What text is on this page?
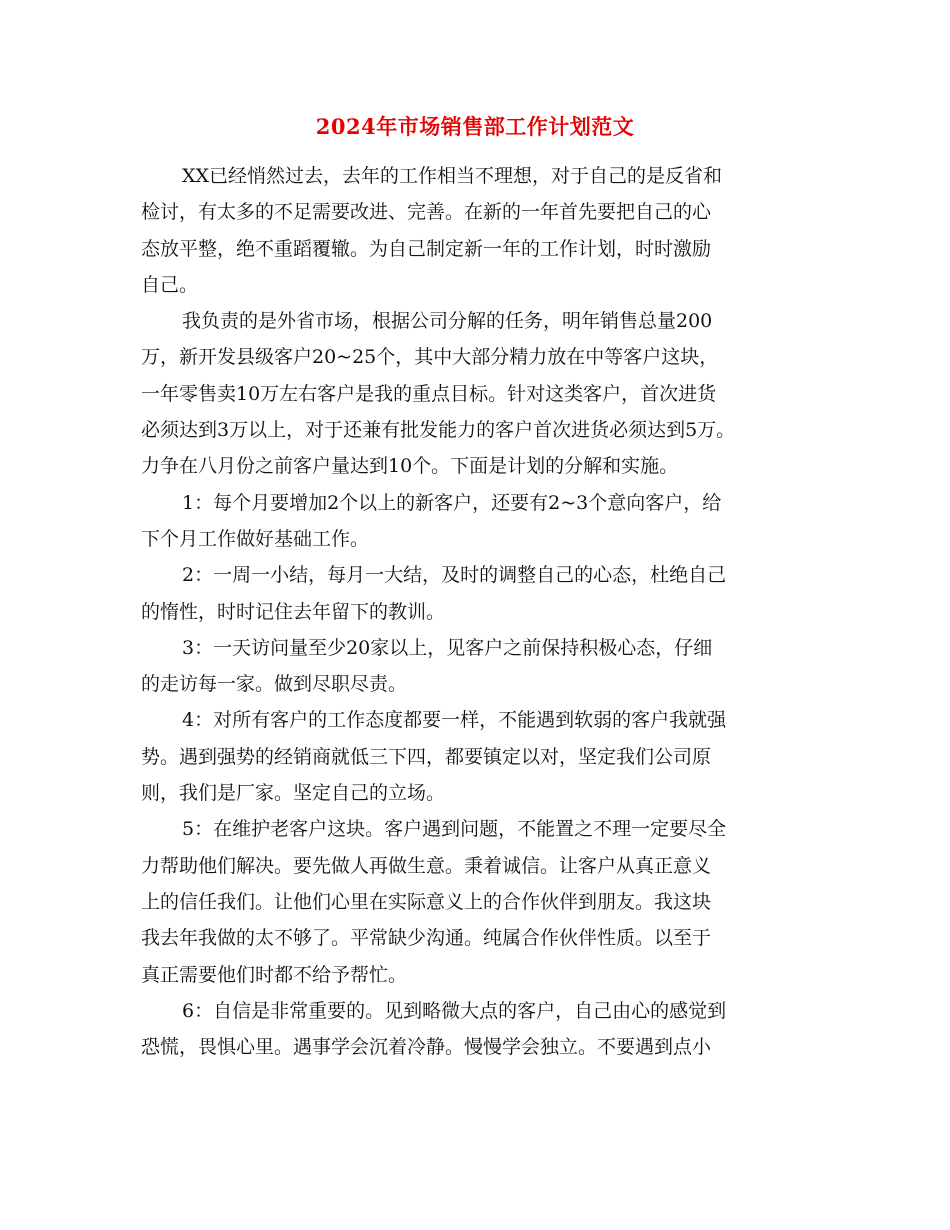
2024年市场销售部工作计划范文
XX已经悄然过去，去年的工作相当不理想，对于自己的是反省和
检讨，有太多的不足需要改进、完善。在新的一年首先要把自己的心
态放平整，绝不重蹈覆辙。为自己制定新一年的工作计划，时时激励
自己。
我负责的是外省市场，根据公司分解的任务，明年销售总量200
万，新开发县级客户20~25个，其中大部分精力放在中等客户这块，
一年零售卖10万左右客户是我的重点目标。针对这类客户，首次进货
必须达到3万以上，对于还兼有批发能力的客户首次进货必须达到5万。
力争在八月份之前客户量达到10个。下面是计划的分解和实施。
1：每个月要增加2个以上的新客户，还要有2~3个意向客户，给
下个月工作做好基础工作。
2：一周一小结，每月一大结，及时的调整自己的心态，杜绝自己
的惰性，时时记住去年留下的教训。
3：一天访问量至少20家以上，见客户之前保持积极心态，仔细
的走访每一家。做到尽职尽责。
4：对所有客户的工作态度都要一样，不能遇到软弱的客户我就强
势。遇到强势的经销商就低三下四，都要镇定以对，坚定我们公司原
则，我们是厂家。坚定自己的立场。
5：在维护老客户这块。客户遇到问题，不能置之不理一定要尽全
力帮助他们解决。要先做人再做生意。秉着诚信。让客户从真正意义
上的信任我们。让他们心里在实际意义上的合作伙伴到朋友。我这块
我去年我做的太不够了。平常缺少沟通。纯属合作伙伴性质。以至于
真正需要他们时都不给予帮忙。
6：自信是非常重要的。见到略微大点的客户，自己由心的感觉到
恐慌，畏惧心里。遇事学会沉着冷静。慢慢学会独立。不要遇到点小
